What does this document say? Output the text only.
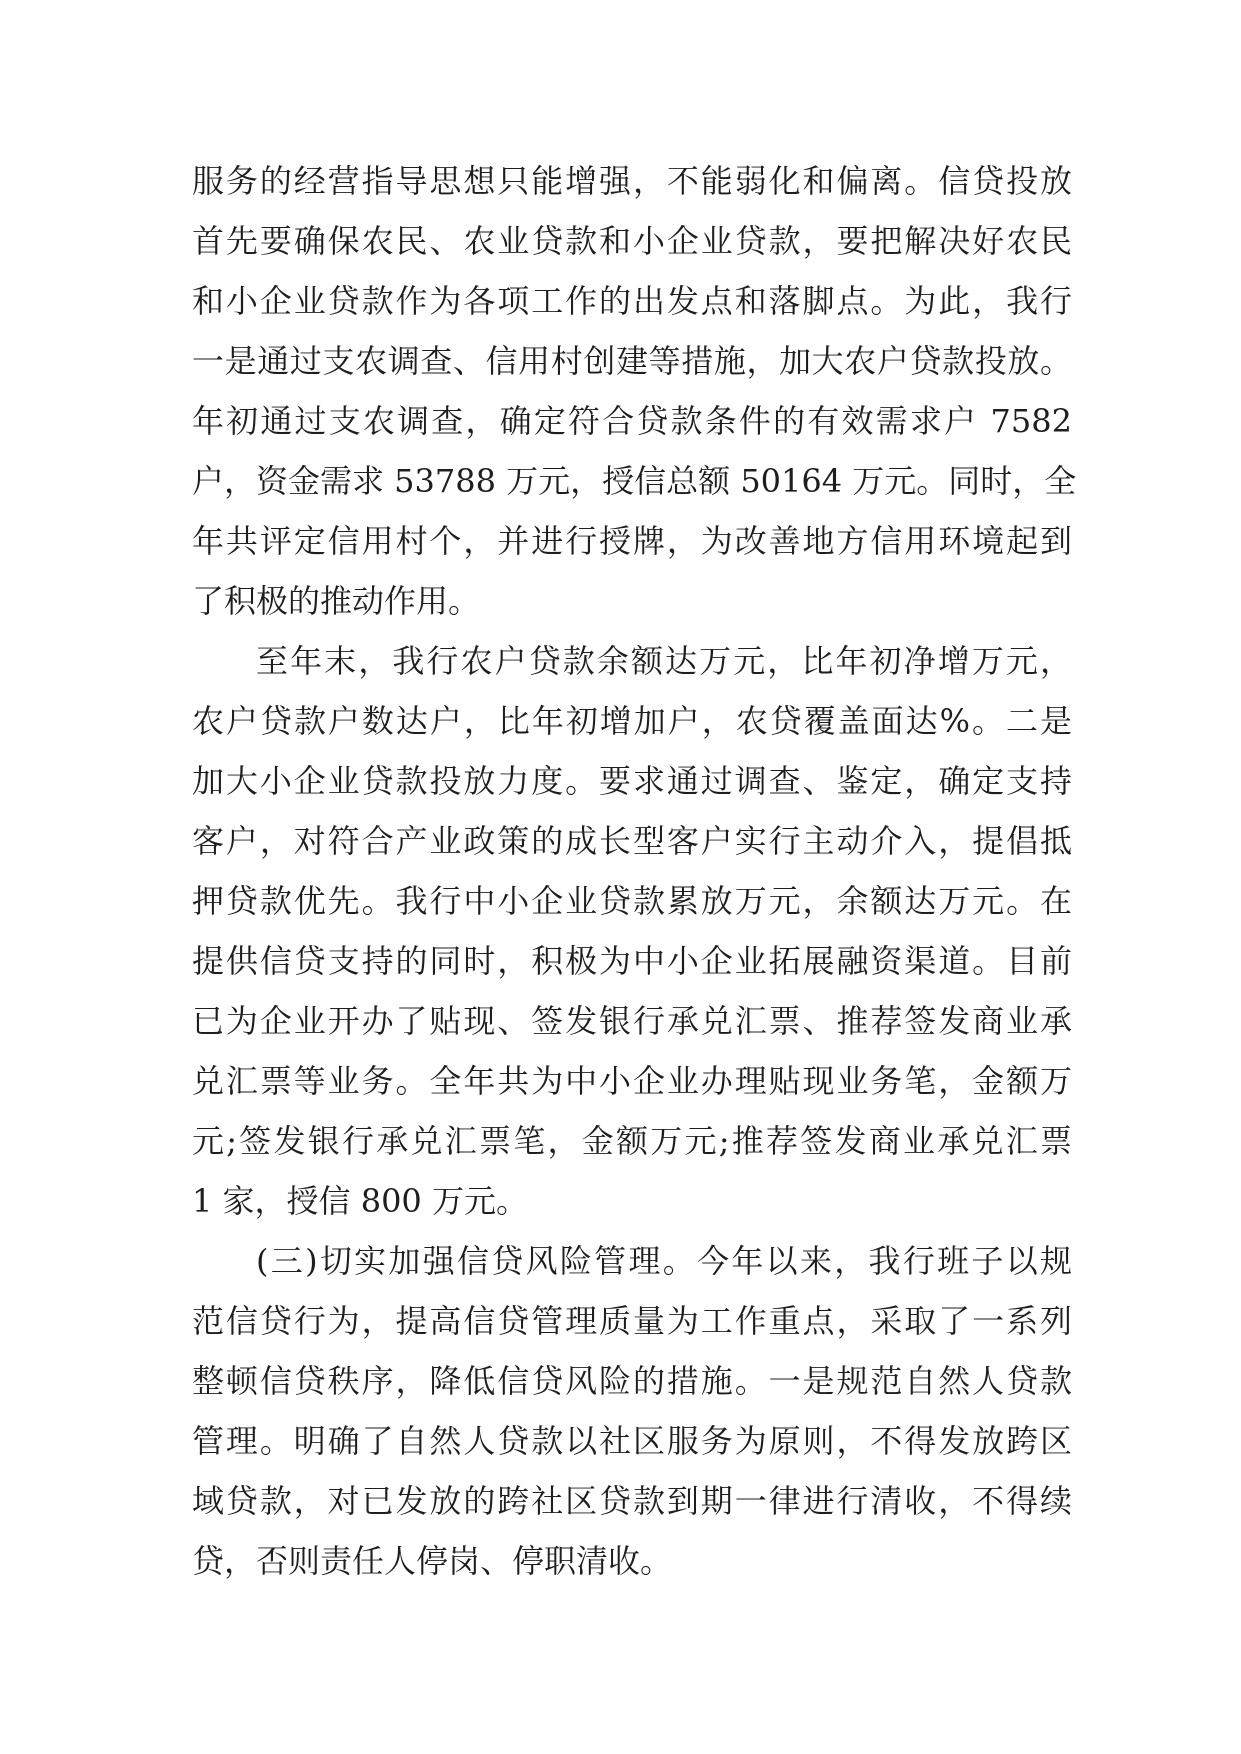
服务的经营指导思想只能增强，不能弱化和偏离。信贷投放
首先要确保农民、农业贷款和小企业贷款，要把解决好农民
和小企业贷款作为各项工作的出发点和落脚点。为此，我行
一是通过支农调查、信用村创建等措施，加大农户贷款投放。
年初通过支农调查，确定符合贷款条件的有效需求户 7582
户，资金需求 53788 万元，授信总额 50164 万元。同时，全
年共评定信用村个，并进行授牌，为改善地方信用环境起到
了积极的推动作用。
至年末，我行农户贷款余额达万元，比年初净增万元，
农户贷款户数达户，比年初增加户，农贷覆盖面达%。二是
加大小企业贷款投放力度。要求通过调查、鉴定，确定支持
客户，对符合产业政策的成长型客户实行主动介入，提倡抵
押贷款优先。我行中小企业贷款累放万元，余额达万元。在
提供信贷支持的同时，积极为中小企业拓展融资渠道。目前
已为企业开办了贴现、签发银行承兑汇票、推荐签发商业承
兑汇票等业务。全年共为中小企业办理贴现业务笔，金额万
元;签发银行承兑汇票笔，金额万元;推荐签发商业承兑汇票
1 家，授信 800 万元。
(三)切实加强信贷风险管理。今年以来，我行班子以规
范信贷行为，提高信贷管理质量为工作重点，采取了一系列
整顿信贷秩序，降低信贷风险的措施。一是规范自然人贷款
管理。明确了自然人贷款以社区服务为原则，不得发放跨区
域贷款，对已发放的跨社区贷款到期一律进行清收，不得续
贷，否则责任人停岗、停职清收。
